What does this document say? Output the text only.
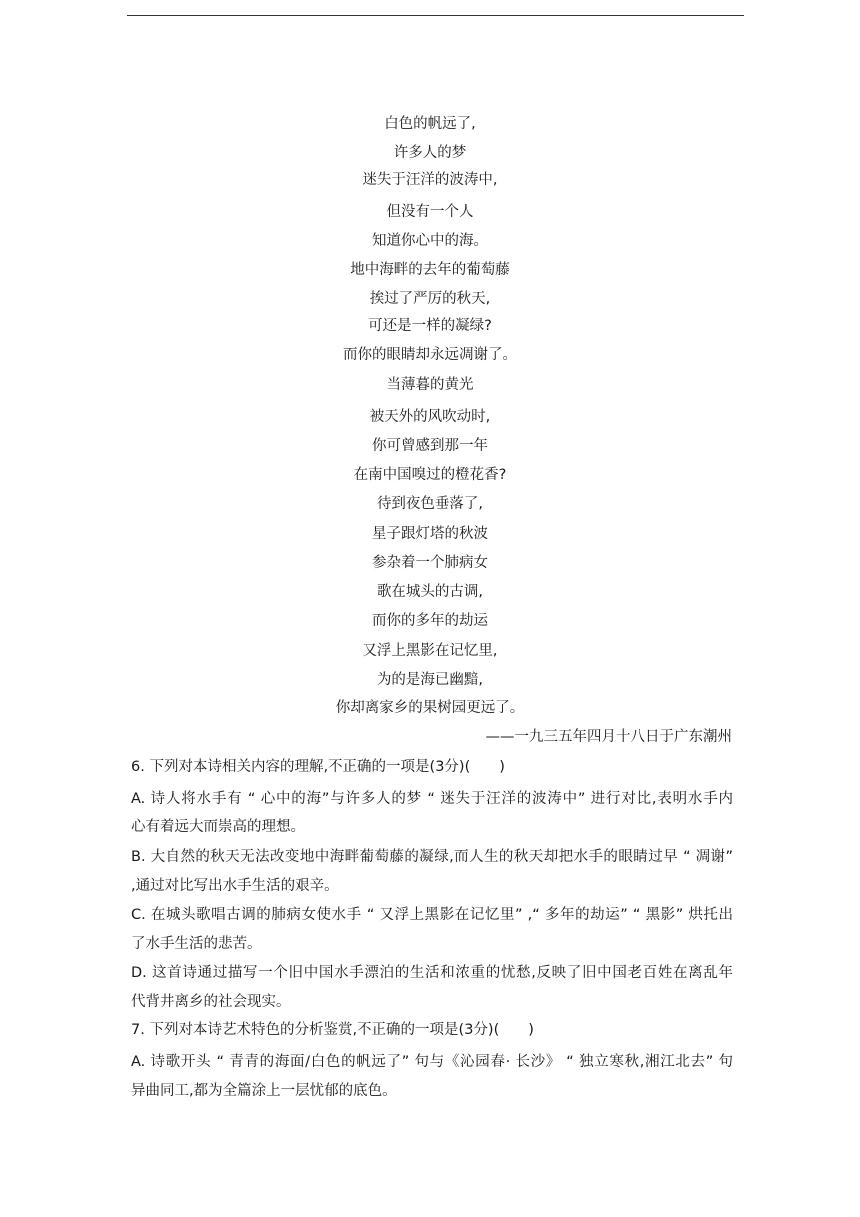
白色的帆远了,
许多人的梦
迷失于汪洋的波涛中,
但没有一个人
知道你心中的海。
地中海畔的去年的葡萄藤
挨过了严厉的秋天,
可还是一样的凝绿?
而你的眼睛却永远凋谢了。
当薄暮的黄光
被天外的风吹动时,
你可曾感到那一年
在南中国嗅过的橙花香?
待到夜色垂落了,
星子跟灯塔的秋波
参杂着一个肺病女
歌在城头的古调,
而你的多年的劫运
又浮上黑影在记忆里,
为的是海已幽黯,
你却离家乡的果树园更远了。
——一九三五年四月十八日于广东潮州
6. 下列对本诗相关内容的理解,不正确的一项是(3分)(　　)
A. 诗人将水手有 “ 心中的海”与许多人的梦 “ 迷失于汪洋的波涛中” 进行对比,表明水手内
心有着远大而崇高的理想。
B. 大自然的秋天无法改变地中海畔葡萄藤的凝绿,而人生的秋天却把水手的眼睛过早 “ 凋谢”
,通过对比写出水手生活的艰辛。
C. 在城头歌唱古调的肺病女使水手 “ 又浮上黑影在记忆里” ,“ 多年的劫运” “ 黑影” 烘托出
了水手生活的悲苦。
D. 这首诗通过描写一个旧中国水手漂泊的生活和浓重的忧愁,反映了旧中国老百姓在离乱年
代背井离乡的社会现实。
7. 下列对本诗艺术特色的分析鉴赏,不正确的一项是(3分)(　　)
A. 诗歌开头 “ 青青的海面/白色的帆远了” 句与《沁园春· 长沙》 “ 独立寒秋,湘江北去” 句
异曲同工,都为全篇涂上一层忧郁的底色。
